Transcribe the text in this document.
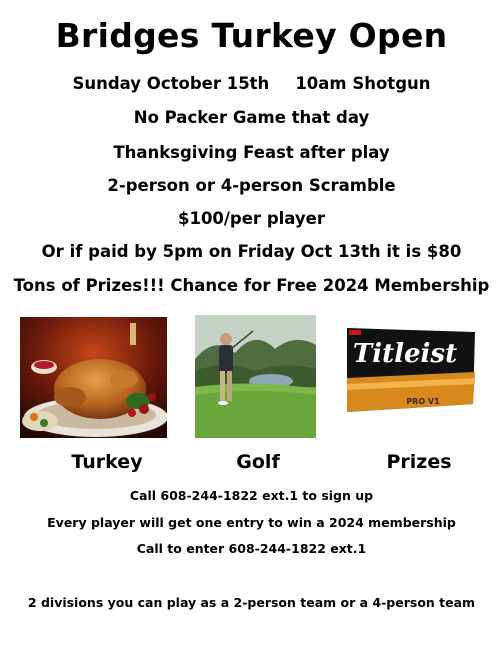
Bridges Turkey Open
Sunday October 15th 10am Shotgun
No Packer Game that day
Thanksgiving Feast after play
2-person or 4-person Scramble
$100/per player
Or if paid by 5pm on Friday Oct 13th it is $80
Tons of Prizes!!! Chance for Free 2024 Membership
Titleist
PRO V1
Turkey	Golf	Prizes
Call 608-244-1822 ext.1 to sign up
Every player will get one entry to win a 2024 membership
Call to enter 608-244-1822 ext.1
2 divisions you can play as a 2-person team or a 4-person team
